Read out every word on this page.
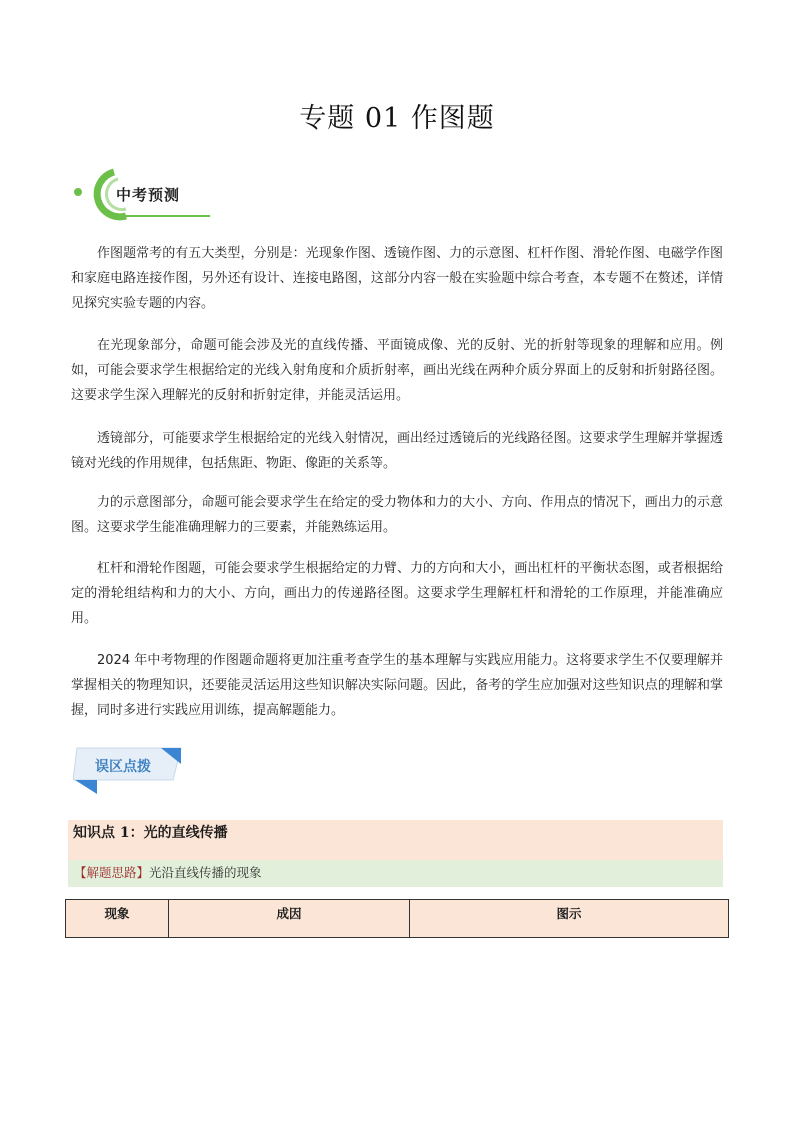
专题 01 作图题
中考预测

作图题常考的有五大类型，分别是：光现象作图、透镜作图、力的示意图、杠杆作图、滑轮作图、电磁学作图和家庭电路连接作图，另外还有设计、连接电路图，这部分内容一般在实验题中综合考查，本专题不在赘述，详情见探究实验专题的内容。

在光现象部分，命题可能会涉及光的直线传播、平面镜成像、光的反射、光的折射等现象的理解和应用。例如，可能会要求学生根据给定的光线入射角度和介质折射率，画出光线在两种介质分界面上的反射和折射路径图。这要求学生深入理解光的反射和折射定律，并能灵活运用。

透镜部分，可能要求学生根据给定的光线入射情况，画出经过透镜后的光线路径图。这要求学生理解并掌握透镜对光线的作用规律，包括焦距、物距、像距的关系等。

力的示意图部分，命题可能会要求学生在给定的受力物体和力的大小、方向、作用点的情况下，画出力的示意图。这要求学生能准确理解力的三要素，并能熟练运用。

杠杆和滑轮作图题，可能会要求学生根据给定的力臂、力的方向和大小，画出杠杆的平衡状态图，或者根据给定的滑轮组结构和力的大小、方向，画出力的传递路径图。这要求学生理解杠杆和滑轮的工作原理，并能准确应用。

2024 年中考物理的作图题命题将更加注重考查学生的基本理解与实践应用能力。这将要求学生不仅要理解并掌握相关的物理知识，还要能灵活运用这些知识解决实际问题。因此，备考的学生应加强对这些知识点的理解和掌握，同时多进行实践应用训练，提高解题能力。

误区点拨
知识点 1：光的直线传播
【解题思路】光沿直线传播的现象
现象	成因	图示
